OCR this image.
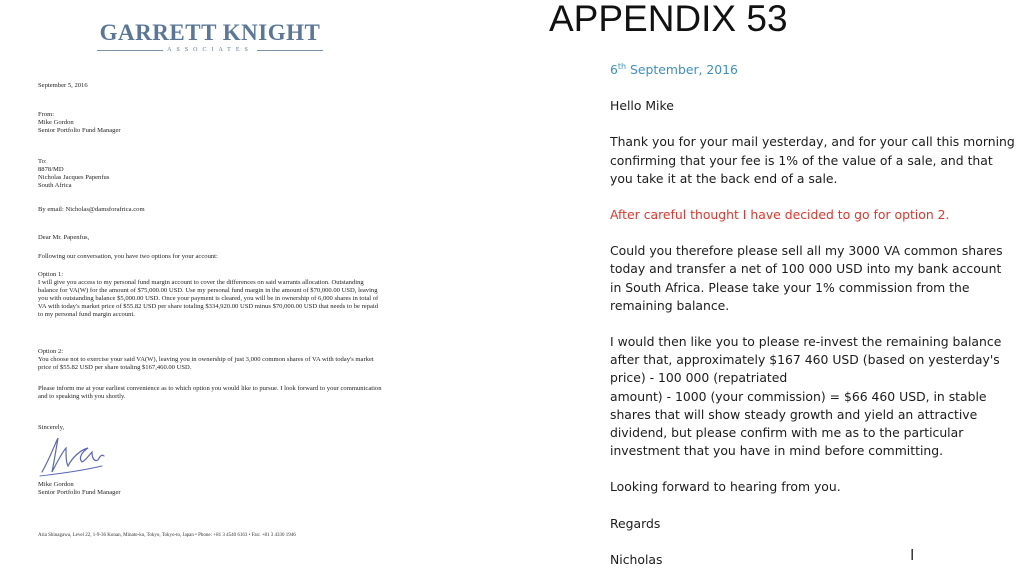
GARRETT KNIGHT
ASSOCIATES
September 5, 2016

From:

Mike Gordon

Senior Portfolio Fund Manager

To:

8878/MD

Nicholas Jacques Papenfus

South Africa

By email: Nicholas@damsforafrica.com
Dear Mr. Papenfus,
Following our conversation, you have two options for your account:

Option 1:

I will give you access to my personal fund margin account to cover the differences on said warrants allocation. Outstanding balance for VA(W) for the amount of $75,000.00 USD. Use my personal fund margin in the amount of $70,000.00 USD, leaving you with outstanding balance $5,000.00 USD. Once your payment is cleared, you will be in ownership of 6,000 shares in total of VA with today's market price of $55.82 USD per share totaling $334,920.00 USD minus $70,000.00 USD that needs to be repaid to my personal fund margin account.

Option 2:

You choose not to exercise your said VA(W), leaving you in ownership of just 3,000 common shares of VA with today's market price of $55.82 USD per share totaling $167,460.00 USD.

Please inform me at your earliest convenience as to which option you would like to pursue. I look forward to your communication and to speaking with you shortly.
Sincerely,

Mike Gordon

Senior Portfolio Fund Manager

Aria Shinagawa, Level 22, 1-9-36 Konan, Minato-ku, Tokyo, Tokyo-to, Japan • Phone: +81 3 4540 6163 • Fax: +81 3 4330 1946
APPENDIX 53

6th September, 2016

Hello Mike

Thank you for your mail yesterday, and for your call this morning confirming that your fee is 1% of the value of a sale, and that you take it at the back end of a sale.

After careful thought I have decided to go for option 2.

Could you therefore please sell all my 3000 VA common shares today and transfer a net of 100 000 USD into my bank account in South Africa. Please take your 1% commission from the remaining balance.

I would then like you to please re-invest the remaining balance after that, approximately $167 460 USD (based on yesterday's price) - 100 000 (repatriated
amount) - 1000 (your commission) = $66 460 USD, in stable shares that will show steady growth and yield an attractive dividend, but please confirm with me as to the particular investment that you have in mind before committing.

Looking forward to hearing from you.

Regards

Nicholas	I
